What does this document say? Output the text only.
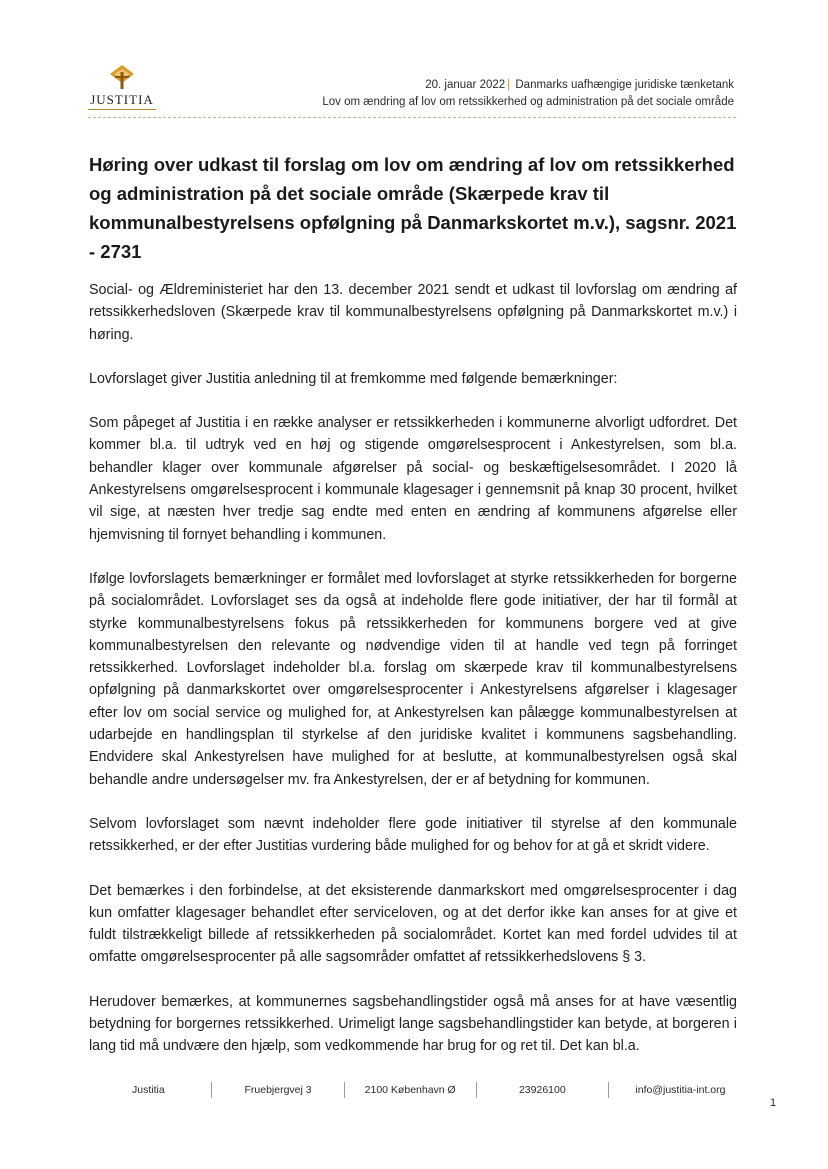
JUSTITIA
20. januar 2022 | Danmarks uafhængige juridiske tænketank
Lov om ændring af lov om retssikkerhed og administration på det sociale område
Høring over udkast til forslag om lov om ændring af lov om retssikkerhed og administration på det sociale område (Skærpede krav til kommunalbestyrelsens opfølgning på Danmarkskortet m.v.), sagsnr. 2021 - 2731

Social- og Ældreministeriet har den 13. december 2021 sendt et udkast til lovforslag om ændring af retssikkerhedsloven (Skærpede krav til kommunalbestyrelsens opfølgning på Danmarkskortet m.v.) i høring.

Lovforslaget giver Justitia anledning til at fremkomme med følgende bemærkninger:

Som påpeget af Justitia i en række analyser er retssikkerheden i kommunerne alvorligt udfordret. Det kommer bl.a. til udtryk ved en høj og stigende omgørelsesprocent i Ankestyrelsen, som bl.a. behandler klager over kommunale afgørelser på social- og beskæftigelsesområdet. I 2020 lå Ankestyrelsens omgørelsesprocent i kommunale klagesager i gennemsnit på knap 30 procent, hvilket vil sige, at næsten hver tredje sag endte med enten en ændring af kommunens afgørelse eller hjemvisning til fornyet behandling i kommunen.

Ifølge lovforslagets bemærkninger er formålet med lovforslaget at styrke retssikkerheden for borgerne på socialområdet. Lovforslaget ses da også at indeholde flere gode initiativer, der har til formål at styrke kommunalbestyrelsens fokus på retssikkerheden for kommunens borgere ved at give kommunalbestyrelsen den relevante og nødvendige viden til at handle ved tegn på forringet retssikkerhed. Lovforslaget indeholder bl.a. forslag om skærpede krav til kommunalbestyrelsens opfølgning på danmarkskortet over omgørelsesprocenter i Ankestyrelsens afgørelser i klagesager efter lov om social service og mulighed for, at Ankestyrelsen kan pålægge kommunalbestyrelsen at udarbejde en handlingsplan til styrkelse af den juridiske kvalitet i kommunens sagsbehandling. Endvidere skal Ankestyrelsen have mulighed for at beslutte, at kommunalbestyrelsen også skal behandle andre undersøgelser mv. fra Ankestyrelsen, der er af betydning for kommunen.

Selvom lovforslaget som nævnt indeholder flere gode initiativer til styrelse af den kommunale retssikkerhed, er der efter Justitias vurdering både mulighed for og behov for at gå et skridt videre.

Det bemærkes i den forbindelse, at det eksisterende danmarkskort med omgørelsesprocenter i dag kun omfatter klagesager behandlet efter serviceloven, og at det derfor ikke kan anses for at give et fuldt tilstrækkeligt billede af retssikkerheden på socialområdet. Kortet kan med fordel udvides til at omfatte omgørelsesprocenter på alle sagsområder omfattet af retssikkerhedslovens § 3.

Herudover bemærkes, at kommunernes sagsbehandlingstider også må anses for at have væsentlig betydning for borgernes retssikkerhed. Urimeligt lange sagsbehandlingstider kan betyde, at borgeren i lang tid må undvære den hjælp, som vedkommende har brug for og ret til. Det kan bl.a.

Justitia	Fruebjergvej 3	2100 København Ø	23926100	info@justitia-int.org
1
